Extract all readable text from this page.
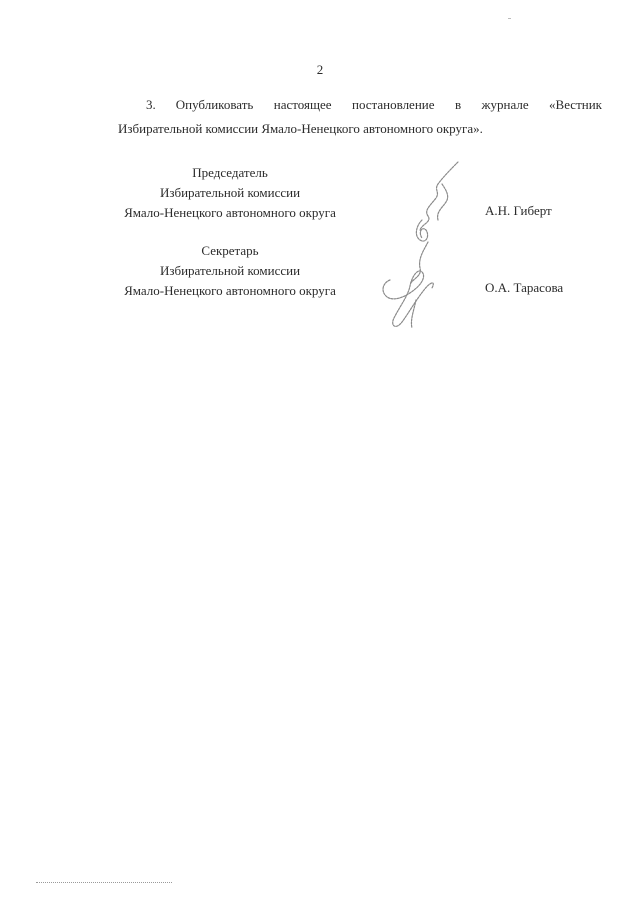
2
3. Опубликовать настоящее постановление в журнале «Вестник
Избирательной комиссии Ямало-Ненецкого автономного округа».
Председатель
Избирательной комиссии
Ямало-Ненецкого автономного округа	А.Н. Гиберт
Секретарь
Избирательной комиссии
Ямало-Ненецкого автономного округа	О.А. Тарасова
